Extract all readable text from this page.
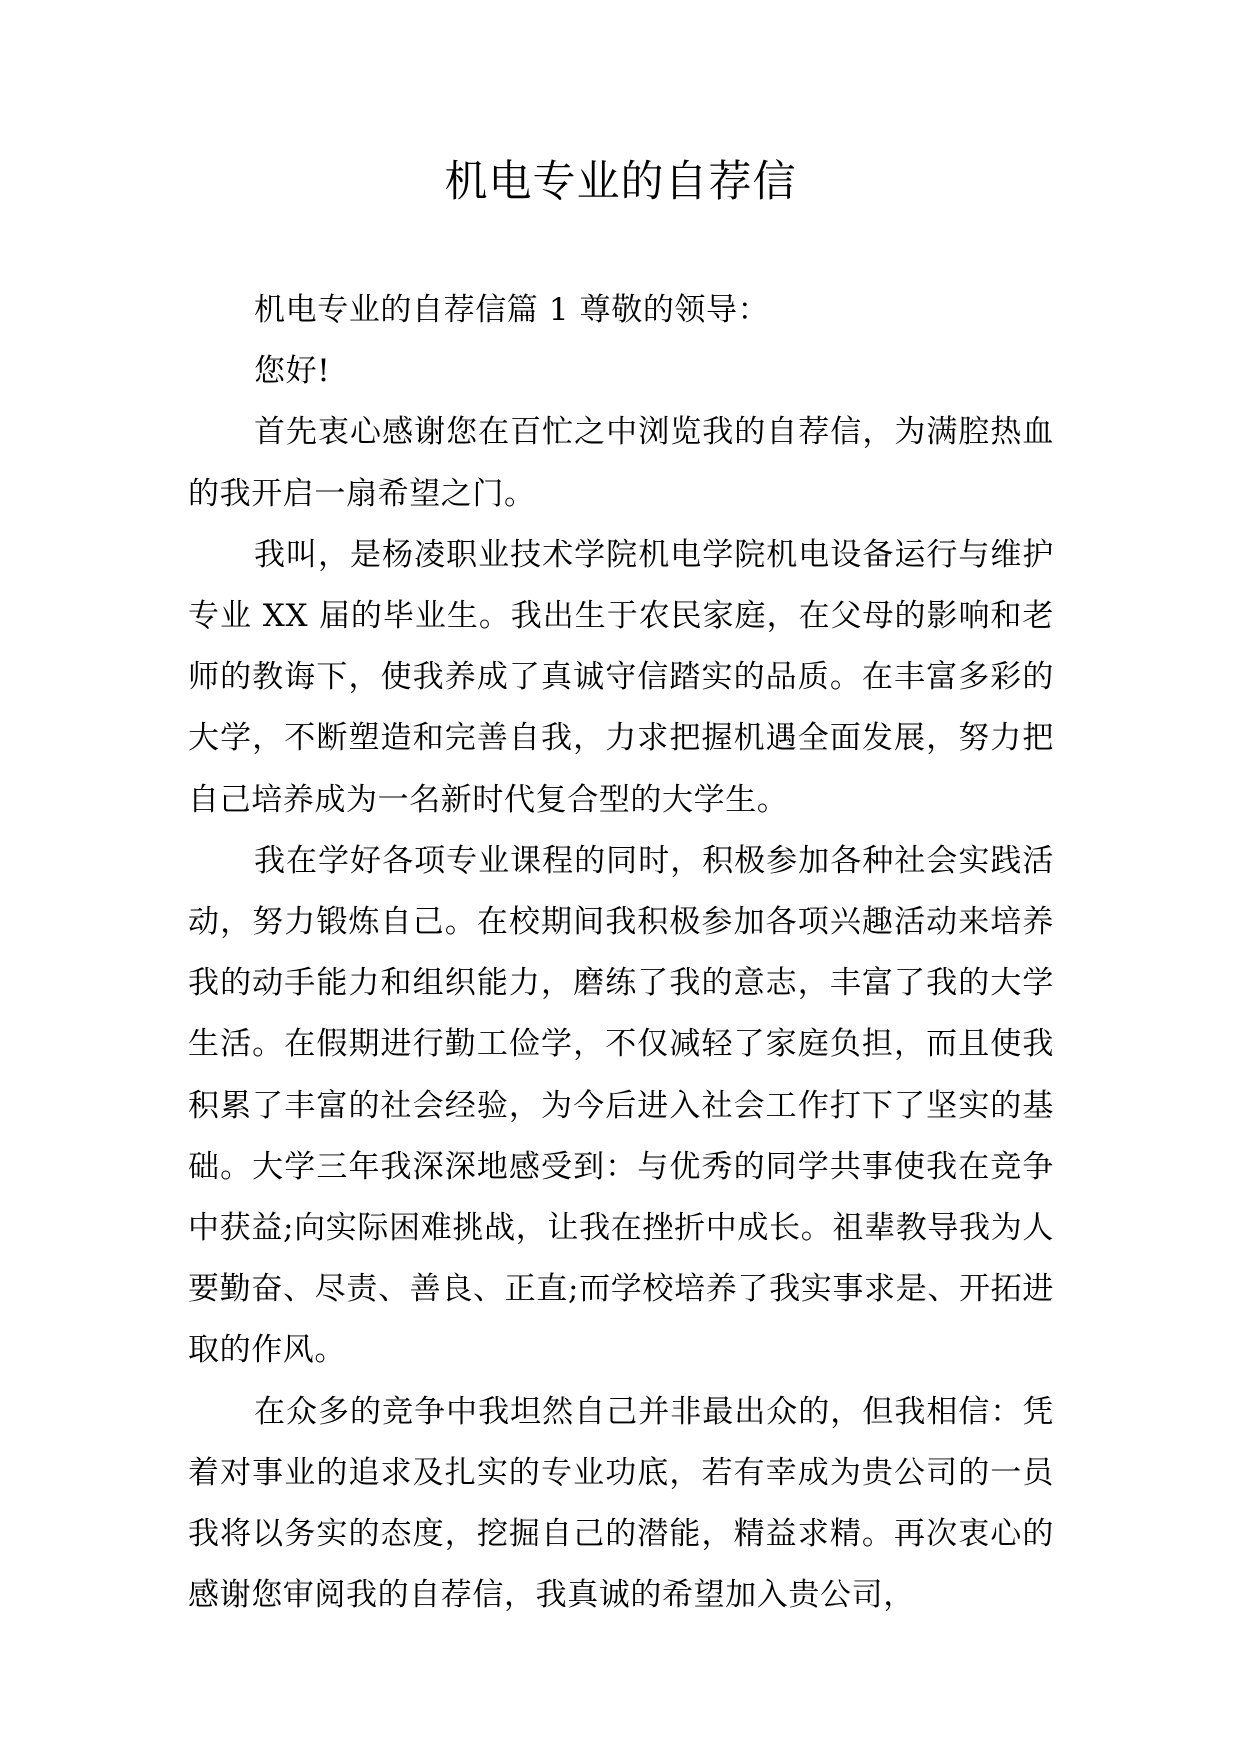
机电专业的自荐信

机电专业的自荐信篇 1 尊敬的领导：

您好!

首先衷心感谢您在百忙之中浏览我的自荐信，为满腔热血的我开启一扇希望之门。

我叫，是杨凌职业技术学院机电学院机电设备运行与维护专业 XX 届的毕业生。我出生于农民家庭，在父母的影响和老师的教诲下，使我养成了真诚守信踏实的品质。在丰富多彩的大学，不断塑造和完善自我，力求把握机遇全面发展，努力把自己培养成为一名新时代复合型的大学生。

我在学好各项专业课程的同时，积极参加各种社会实践活动，努力锻炼自己。在校期间我积极参加各项兴趣活动来培养我的动手能力和组织能力，磨练了我的意志，丰富了我的大学生活。在假期进行勤工俭学，不仅减轻了家庭负担，而且使我积累了丰富的社会经验，为今后进入社会工作打下了坚实的基础。大学三年我深深地感受到：与优秀的同学共事使我在竞争中获益;向实际困难挑战，让我在挫折中成长。祖辈教导我为人要勤奋、尽责、善良、正直;而学校培养了我实事求是、开拓进取的作风。

在众多的竞争中我坦然自己并非最出众的，但我相信：凭着对事业的追求及扎实的专业功底，若有幸成为贵公司的一员我将以务实的态度，挖掘自己的潜能，精益求精。再次衷心的感谢您审阅我的自荐信，我真诚的希望加入贵公司，
